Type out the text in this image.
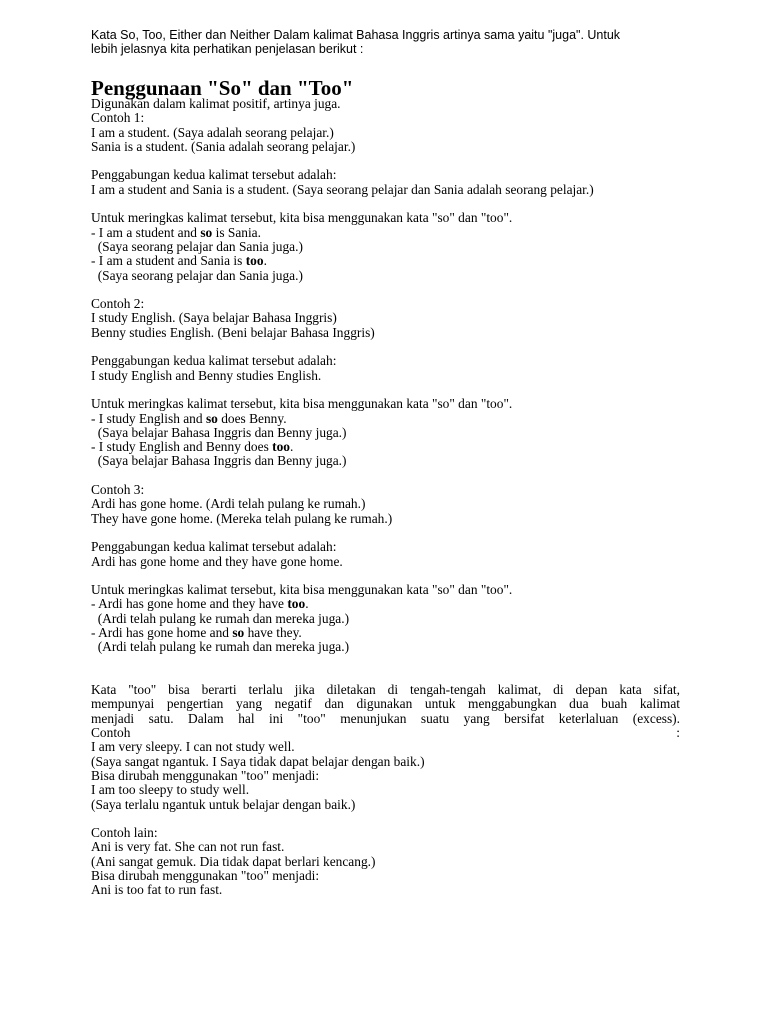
Kata So, Too, Either dan Neither Dalam kalimat Bahasa Inggris artinya sama yaitu "juga". Untuk
lebih jelasnya kita perhatikan penjelasan berikut :
Penggunaan "So" dan "Too"
Digunakan dalam kalimat positif, artinya juga.
Contoh 1:
I am a student. (Saya adalah seorang pelajar.)
Sania is a student. (Sania adalah seorang pelajar.)
Penggabungan kedua kalimat tersebut adalah:
I am a student and Sania is a student. (Saya seorang pelajar dan Sania adalah seorang pelajar.)
Untuk meringkas kalimat tersebut, kita bisa menggunakan kata "so" dan "too".
- I am a student and so is Sania.
(Saya seorang pelajar dan Sania juga.)
- I am a student and Sania is too.
(Saya seorang pelajar dan Sania juga.)
Contoh 2:
I study English. (Saya belajar Bahasa Inggris)
Benny studies English. (Beni belajar Bahasa Inggris)
Penggabungan kedua kalimat tersebut adalah:
I study English and Benny studies English.
Untuk meringkas kalimat tersebut, kita bisa menggunakan kata "so" dan "too".
- I study English and so does Benny.
(Saya belajar Bahasa Inggris dan Benny juga.)
- I study English and Benny does too.
(Saya belajar Bahasa Inggris dan Benny juga.)
Contoh 3:
Ardi has gone home. (Ardi telah pulang ke rumah.)
They have gone home. (Mereka telah pulang ke rumah.)
Penggabungan kedua kalimat tersebut adalah:
Ardi has gone home and they have gone home.
Untuk meringkas kalimat tersebut, kita bisa menggunakan kata "so" dan "too".
- Ardi has gone home and they have too.
(Ardi telah pulang ke rumah dan mereka juga.)
- Ardi has gone home and so have they.
(Ardi telah pulang ke rumah dan mereka juga.)
Kata "too" bisa berarti terlalu jika diletakan di tengah-tengah kalimat, di depan kata sifat,
mempunyai pengertian yang negatif dan digunakan untuk menggabungkan dua buah kalimat
menjadi satu. Dalam hal ini "too" menunjukan suatu yang bersifat keterlaluan (excess).
Contoh	:
I am very sleepy. I can not study well.
(Saya sangat ngantuk. I Saya tidak dapat belajar dengan baik.)
Bisa dirubah menggunakan "too" menjadi:
I am too sleepy to study well.
(Saya terlalu ngantuk untuk belajar dengan baik.)
Contoh lain:
Ani is very fat. She can not run fast.
(Ani sangat gemuk. Dia tidak dapat berlari kencang.)
Bisa dirubah menggunakan "too" menjadi:
Ani is too fat to run fast.
